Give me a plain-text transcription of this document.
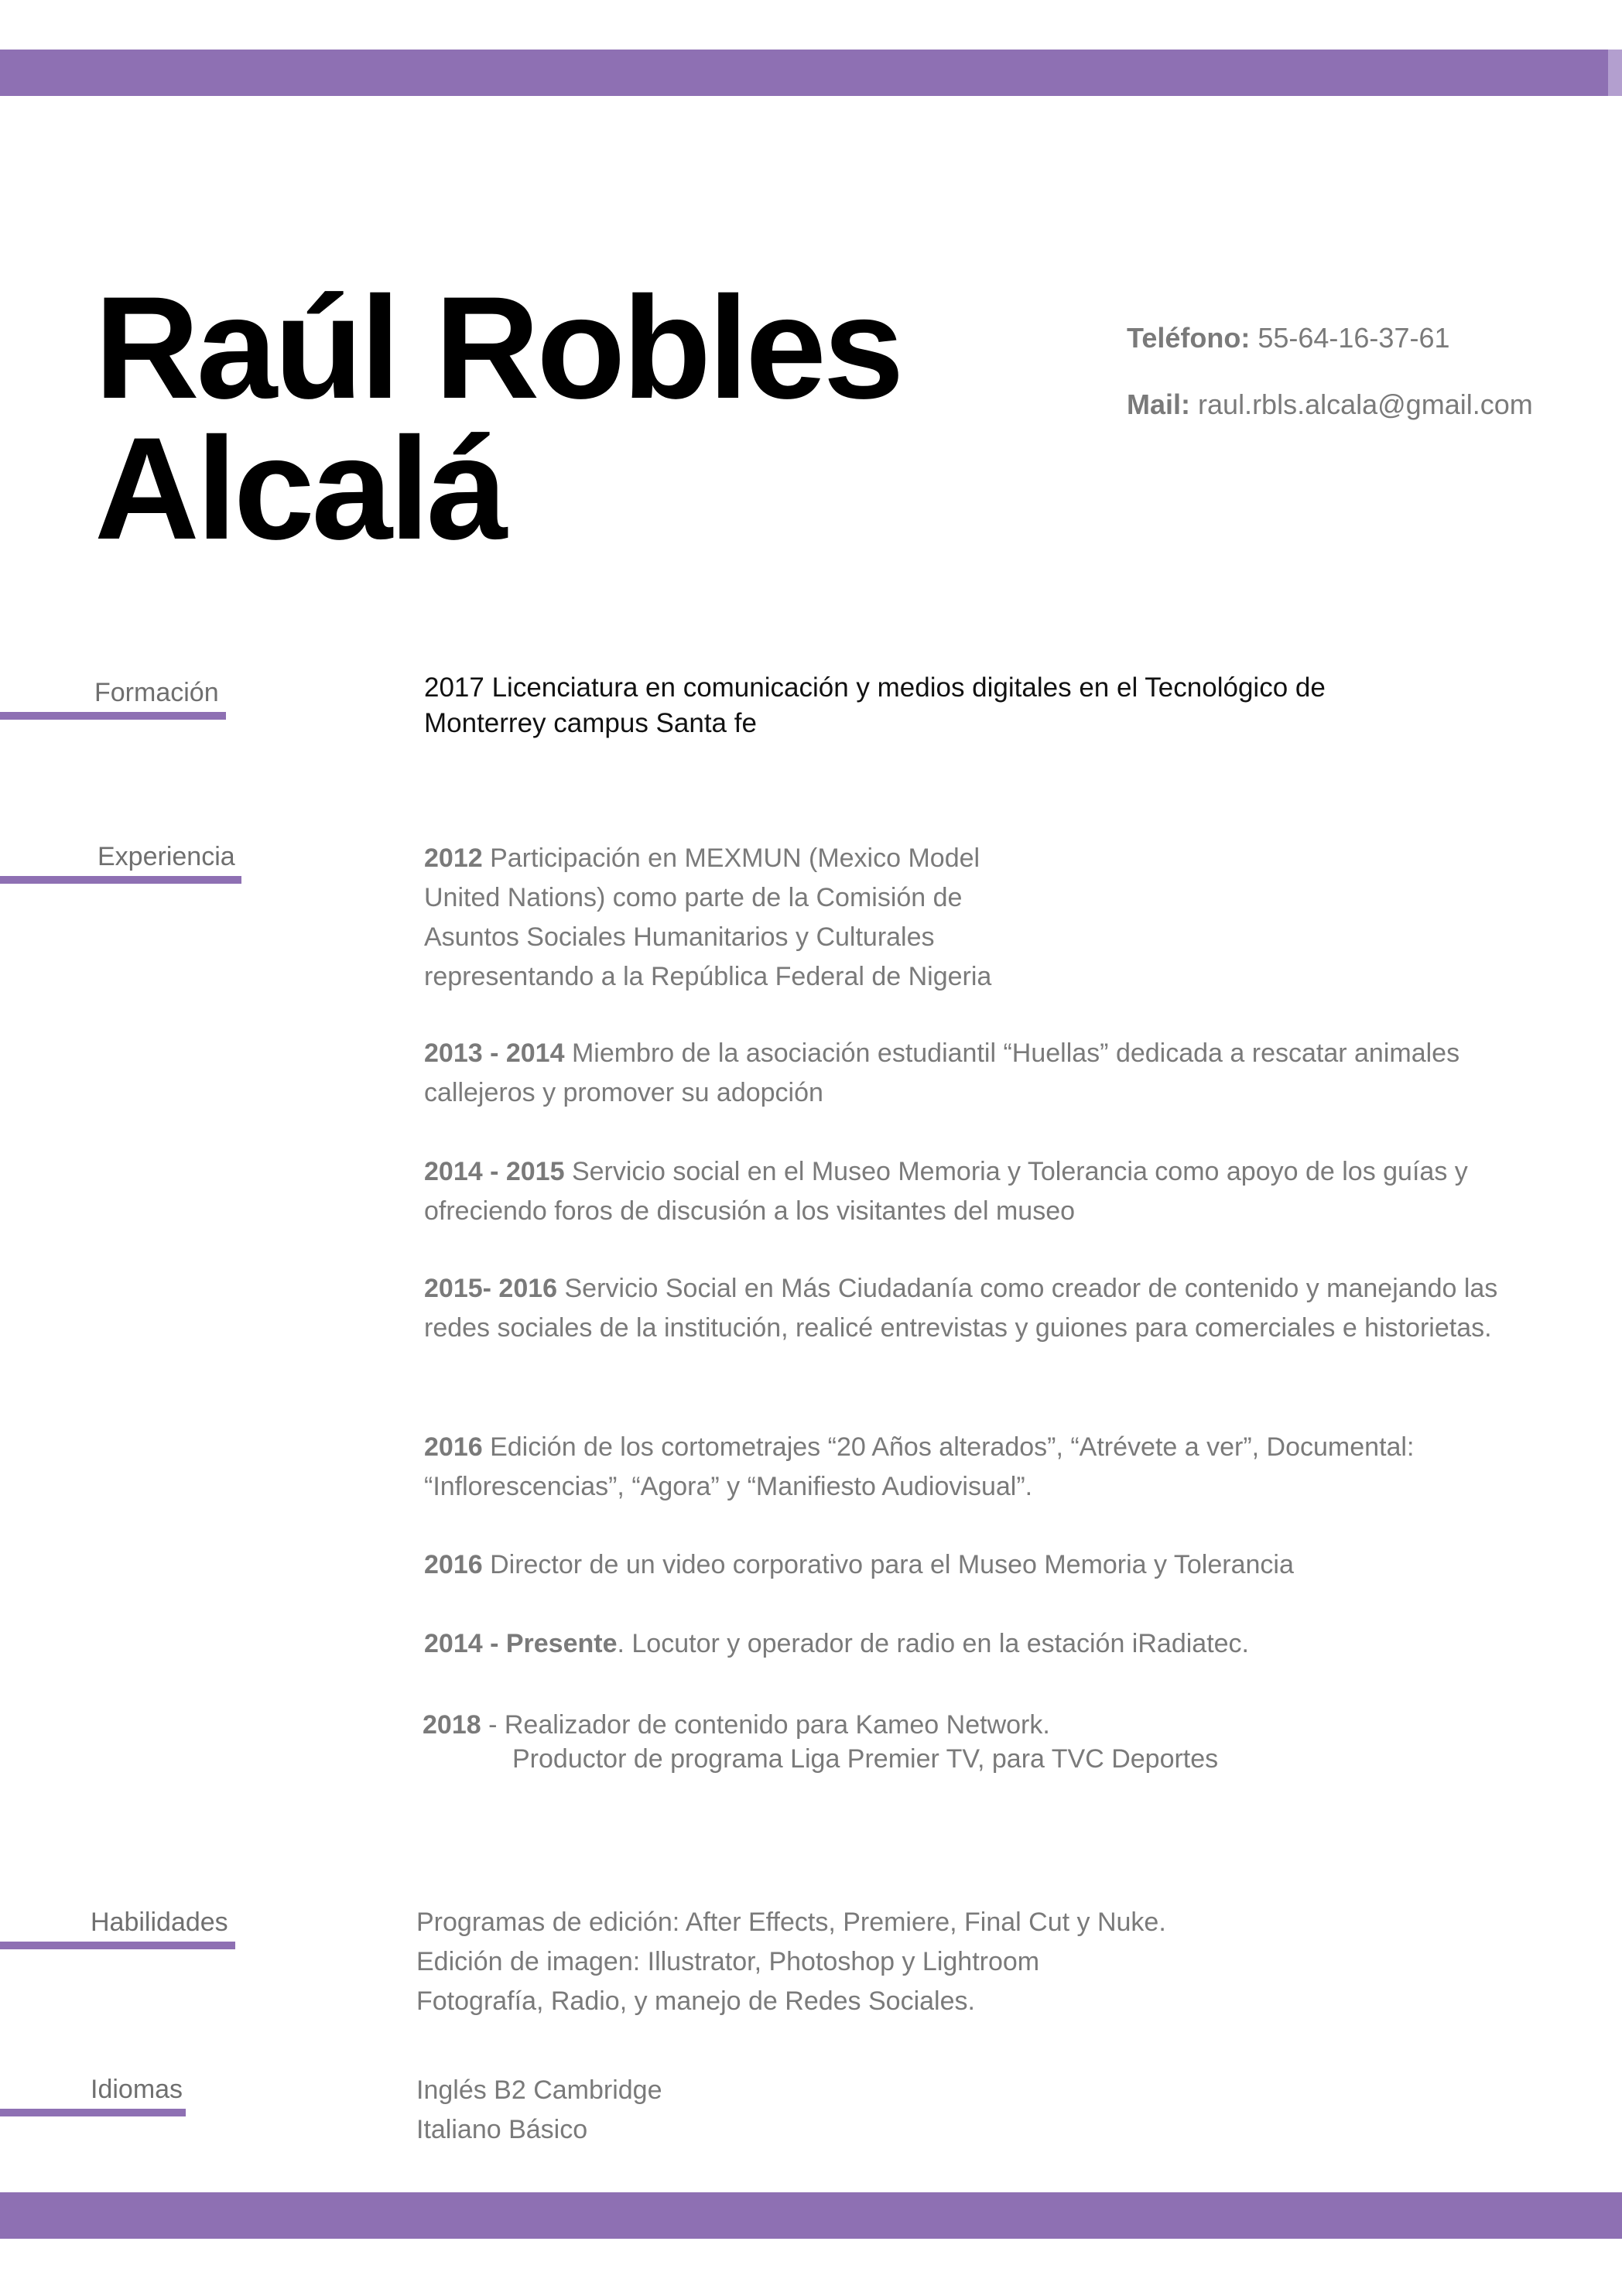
Raúl Robles
Alcalá
Teléfono: 55-64-16-37-61
Mail: raul.rbls.alcala@gmail.com
Formación	2017 Licenciatura en comunicación y medios digitales en el Tecnológico de Monterrey campus Santa fe
Experiencia	2012 Participación en MEXMUN (Mexico Model United Nations) como parte de la Comisión de Asuntos Sociales Humanitarios y Culturales representando a la República Federal de Nigeria
2013 - 2014 Miembro de la asociación estudiantil “Huellas” dedicada a rescatar animales callejeros y promover su adopción
2014 - 2015 Servicio social en el Museo Memoria y Tolerancia como apoyo de los guías y ofreciendo foros de discusión a los visitantes del museo
2015- 2016 Servicio Social en Más Ciudadanía como creador de contenido y manejando las redes sociales de la institución, realicé entrevistas y guiones para comerciales e historietas.
2016 Edición de los cortometrajes “20 Años alterados”, “Atrévete a ver”, Documental: “Inflorescencias”, “Agora” y “Manifiesto Audiovisual”.
2016 Director de un video corporativo para el Museo Memoria y Tolerancia
2014 - Presente. Locutor y operador de radio en la estación iRadiatec.
2018 - Realizador de contenido para Kameo Network.
Productor de programa Liga Premier TV, para TVC Deportes
Habilidades	Programas de edición: After Effects, Premiere, Final Cut y Nuke.
Edición de imagen: Illustrator, Photoshop y Lightroom
Fotografía, Radio, y manejo de Redes Sociales.
Idiomas	Inglés B2 Cambridge
Italiano Básico
